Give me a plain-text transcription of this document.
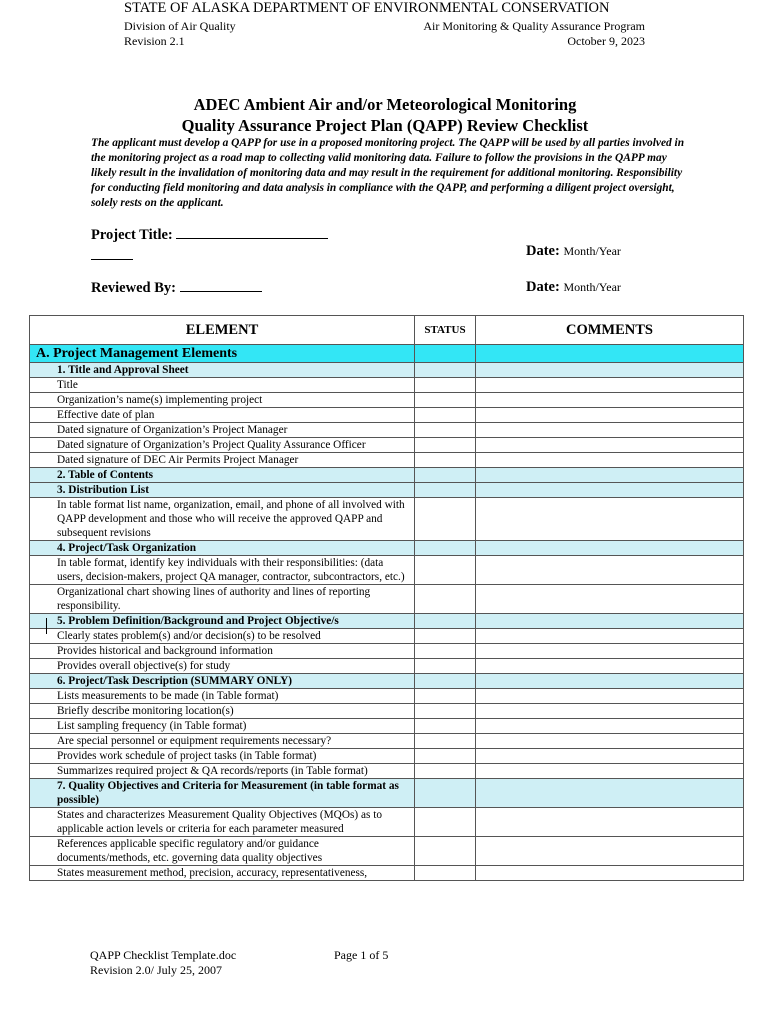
STATE OF ALASKA DEPARTMENT OF ENVIRONMENTAL CONSERVATION
Division of Air Quality
Revision 2.1
Air Monitoring & Quality Assurance Program
October 9, 2023
ADEC Ambient Air and/or Meteorological Monitoring
Quality Assurance Project Plan (QAPP) Review Checklist
The applicant must develop a QAPP for use in a proposed monitoring project. The QAPP will be used by all parties involved in the monitoring project as a road map to collecting valid monitoring data. Failure to follow the provisions in the QAPP may likely result in the invalidation of monitoring data and may result in the requirement for additional monitoring. Responsibility for conducting field monitoring and data analysis in compliance with the QAPP, and performing a diligent project oversight, solely rests on the applicant.
Project Title:
Date: Month/Year
Reviewed By:	Date: Month/Year
ELEMENT	STATUS	COMMENTS
A. Project Management Elements		
1. Title and Approval Sheet		
Title		
Organization’s name(s) implementing project		
Effective date of plan		
Dated signature of Organization’s Project Manager		
Dated signature of Organization’s Project Quality Assurance Officer		
Dated signature of DEC Air Permits Project Manager		
2. Table of Contents		
3. Distribution List		
In table format list name, organization, email, and phone of all involved with QAPP development and those who will receive the approved QAPP and subsequent revisions		
4. Project/Task Organization		
In table format, identify key individuals with their responsibilities: (data users, decision-makers, project QA manager, contractor, subcontractors, etc.)		
Organizational chart showing lines of authority and lines of reporting responsibility.		
5. Problem Definition/Background and Project Objective/s		
Clearly states problem(s) and/or decision(s) to be resolved		
Provides historical and background information		
Provides overall objective(s) for study		
6. Project/Task Description (SUMMARY ONLY)		
Lists measurements to be made (in Table format)		
Briefly describe monitoring location(s)		
List sampling frequency (in Table format)		
Are special personnel or equipment requirements necessary?		
Provides work schedule of project tasks (in Table format)		
Summarizes required project & QA records/reports (in Table format)		
7. Quality Objectives and Criteria for Measurement (in table format as possible)		
States and characterizes Measurement Quality Objectives (MQOs) as to applicable action levels or criteria for each parameter measured		
References applicable specific regulatory and/or guidance documents/methods, etc. governing data quality objectives		
States measurement method, precision, accuracy, representativeness,		
QAPP Checklist Template.doc
Revision 2.0/ July 25, 2007
Page 1 of 5
